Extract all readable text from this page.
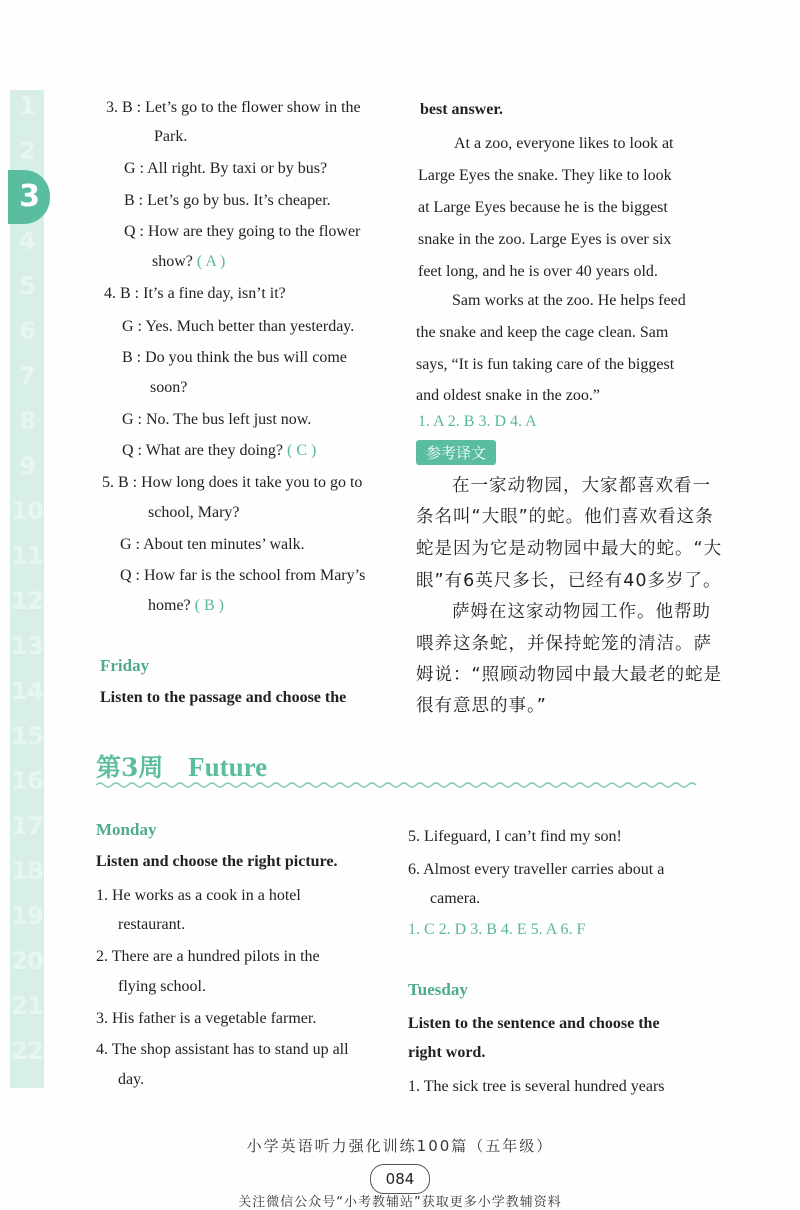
1
2
3
4
5
6
7
8
9
10
11
12
13
14
15
16
17
18
19
20
21
22
3. B : Let’s go to the flower show in the
Park.
G : All right. By taxi or by bus?
B : Let’s go by bus. It’s cheaper.
Q : How are they going to the flower
show? ( A )
4. B : It’s a fine day, isn’t it?
G : Yes. Much better than yesterday.
B : Do you think the bus will come
soon?
G : No. The bus left just now.
Q : What are they doing? ( C )
5. B : How long does it take you to go to
school, Mary?
G : About ten minutes’ walk.
Q : How far is the school from Mary’s
home? ( B )
Friday
Listen to the passage and choose the
1. A 2. B 3. D 4. A
参考译文
best answer.
At a zoo, everyone likes to look at
Large Eyes the snake. They like to look
at Large Eyes because he is the biggest
snake in the zoo. Large Eyes is over six
feet long, and he is over 40 years old.
Sam works at the zoo. He helps feed
the snake and keep the cage clean. Sam
says, “It is fun taking care of the biggest
and oldest snake in the zoo.”
在一家动物园，大家都喜欢看一
条名叫“大眼”的蛇。他们喜欢看这条
蛇是因为它是动物园中最大的蛇。“大
眼”有6英尺多长，已经有40多岁了。
萨姆在这家动物园工作。他帮助
喂养这条蛇，并保持蛇笼的清洁。萨
姆说：“照顾动物园中最大最老的蛇是
很有意思的事。”
第3周 Future
Monday
Listen and choose the right picture.
1. He works as a cook in a hotel
restaurant.
2. There are a hundred pilots in the
flying school.
3. His father is a vegetable farmer.
4. The shop assistant has to stand up all
day.
1. C 2. D 3. B 4. E 5. A 6. F
Tuesday
Listen to the sentence and choose the
right word.
1. The sick tree is several hundred years
5. Lifeguard, I can’t find my son!
6. Almost every traveller carries about a
camera.
小学英语听力强化训练100篇（五年级）
084
关注微信公众号“小考教辅站”获取更多小学教辅资料
